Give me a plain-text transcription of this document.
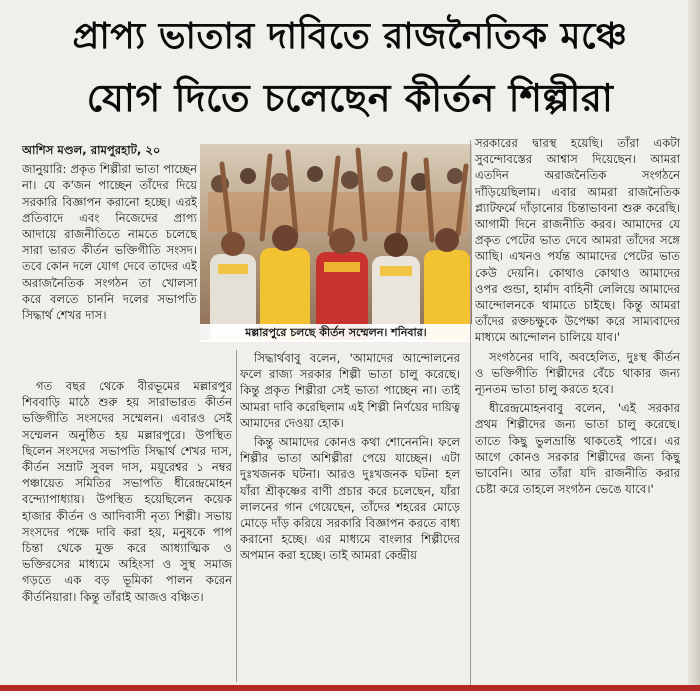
প্রাপ্য ভাতার দাবিতে রাজনৈতিক মঞ্চে
যোগ দিতে চলেছেন কীর্তন শিল্পীরা

আশিস মণ্ডল, রামপুরহাট, ২০

জানুয়ারি: প্রকৃত শিল্পীরা ভাতা পাচ্ছেন না। যে ক'জন পাচ্ছেন তাঁদের দিয়ে সরকারি বিজ্ঞাপন করানো হচ্ছে। এরই প্রতিবাদে এবং নিজেদের প্রাপ্য আদায়ে রাজনীতিতে নামতে চলেছে সারা ভারত কীর্তন ভক্তিগীতি সংসদ। তবে কোন দলে যোগ দেবে তাদের এই অরাজনৈতিক সংগঠন তা খোলসা করে বলতে চাননি দলের সভাপতি সিদ্ধার্থ শেখর দাস।

মল্লারপুরে চলছে কীর্তন সম্মেলন। শনিবার।

গত বছর থেকে বীরভূমের মল্লারপুর শিববাড়ি মাঠে শুরু হয় সারাভারত কীর্তন ভক্তিগীতি সংসদের সম্মেলন। এবারও সেই সম্মেলন অনুষ্ঠিত হয় মল্লারপুরে। উপস্থিত ছিলেন সংসদের সভাপতি সিদ্ধার্থ শেখর দাস, কীর্তন সম্রাট সুবল দাস, ময়ূরেশ্বর ১ নম্বর পঞ্চায়েত সমিতির সভাপতি ধীরেন্দ্রমোহন বন্দ্যোপাধ্যায়। উপস্থিত হয়েছিলেন কয়েক হাজার কীর্তন ও আদিবাসী নৃত্য শিল্পী। সভায় সংসদের পক্ষে দাবি করা হয়, মনুষকে পাপ চিন্তা থেকে মুক্ত করে আধ্যাত্মিক ও ভক্তিরসের মাধ্যমে অহিংসা ও সুস্থ সমাজ গড়তে এক বড় ভূমিকা পালন করেন কীর্তনিয়ারা। কিন্তু তাঁরাই আজও বঞ্চিত।

সিদ্ধার্থবাবু বলেন, 'আমাদের আন্দোলনের ফলে রাজ্য সরকার শিল্পী ভাতা চালু করেছে। কিন্তু প্রকৃত শিল্পীরা সেই ভাতা পাচ্ছেন না। তাই আমরা দাবি করেছিলাম এই শিল্পী নির্ণয়ের দায়িত্ব আমাদের দেওয়া হোক।

কিন্তু আমাদের কোনও কথা শোনেননি। ফলে শিল্পীর ভাতা অশিল্পীরা পেয়ে যাচ্ছেন। এটা দুঃখজনক ঘটনা। আরও দুঃখজনক ঘটনা হল যাঁরা শ্রীকৃষ্ণের বাণী প্রচার করে চলেছেন, যাঁরা লালনের গান গেয়েছেন, তাঁদের শহরের মোড়ে মোড়ে দাঁড় করিয়ে সরকারি বিজ্ঞাপন করতে বাধ্য করানো হচ্ছে। এর মাধ্যমে বাংলার শিল্পীদের অপমান করা হচ্ছে। তাই আমরা কেন্দ্রীয়

সরকারের দ্বারস্থ হয়েছি। তাঁরা একটা সুবন্দোবস্তের আশ্বাস দিয়েছেন। আমরা এতদিন অরাজনৈতিক সংগঠনে দাঁড়িয়েছিলাম। এবার আমরা রাজনৈতিক প্ল্যাটফর্মে দাঁড়ানোর চিন্তাভাবনা শুরু করেছি। আগামী দিনে রাজনীতি করব। আমাদের যে প্রকৃত পেটের ভাত দেবে আমরা তাঁদের সঙ্গে আছি। এখনও পর্যন্ত আমাদের পেটের ভাত কেউ দেয়নি। কোথাও কোথাও আমাদের ওপর গুন্ডা, হার্মাদ বাহিনী লেলিয়ে আমাদের আন্দোলনকে থামাতে চাইছে। কিন্তু আমরা তাঁদের রক্তচক্ষুকে উপেক্ষা করে সাম্যবাদের মাধ্যমে আন্দোলন চালিয়ে যাব।'

সংগঠনের দাবি, অবহেলিত, দুঃস্থ কীর্তন ও ভক্তিগীতি শিল্পীদের বেঁচে থাকার জন্য ন্যূনতম ভাতা চালু করতে হবে।

ধীরেন্দ্রমোহনবাবু বলেন, 'এই সরকার প্রথম শিল্পীদের জন্য ভাতা চালু করেছে। তাতে কিছু ভুলভ্রান্তি থাকতেই পারে। এর আগে কোনও সরকার শিল্পীদের জন্য কিছু ভাবেনি। আর তাঁরা যদি রাজনীতি করার চেষ্টা করে তাহলে সংগঠন ভেঙে যাবে।'
